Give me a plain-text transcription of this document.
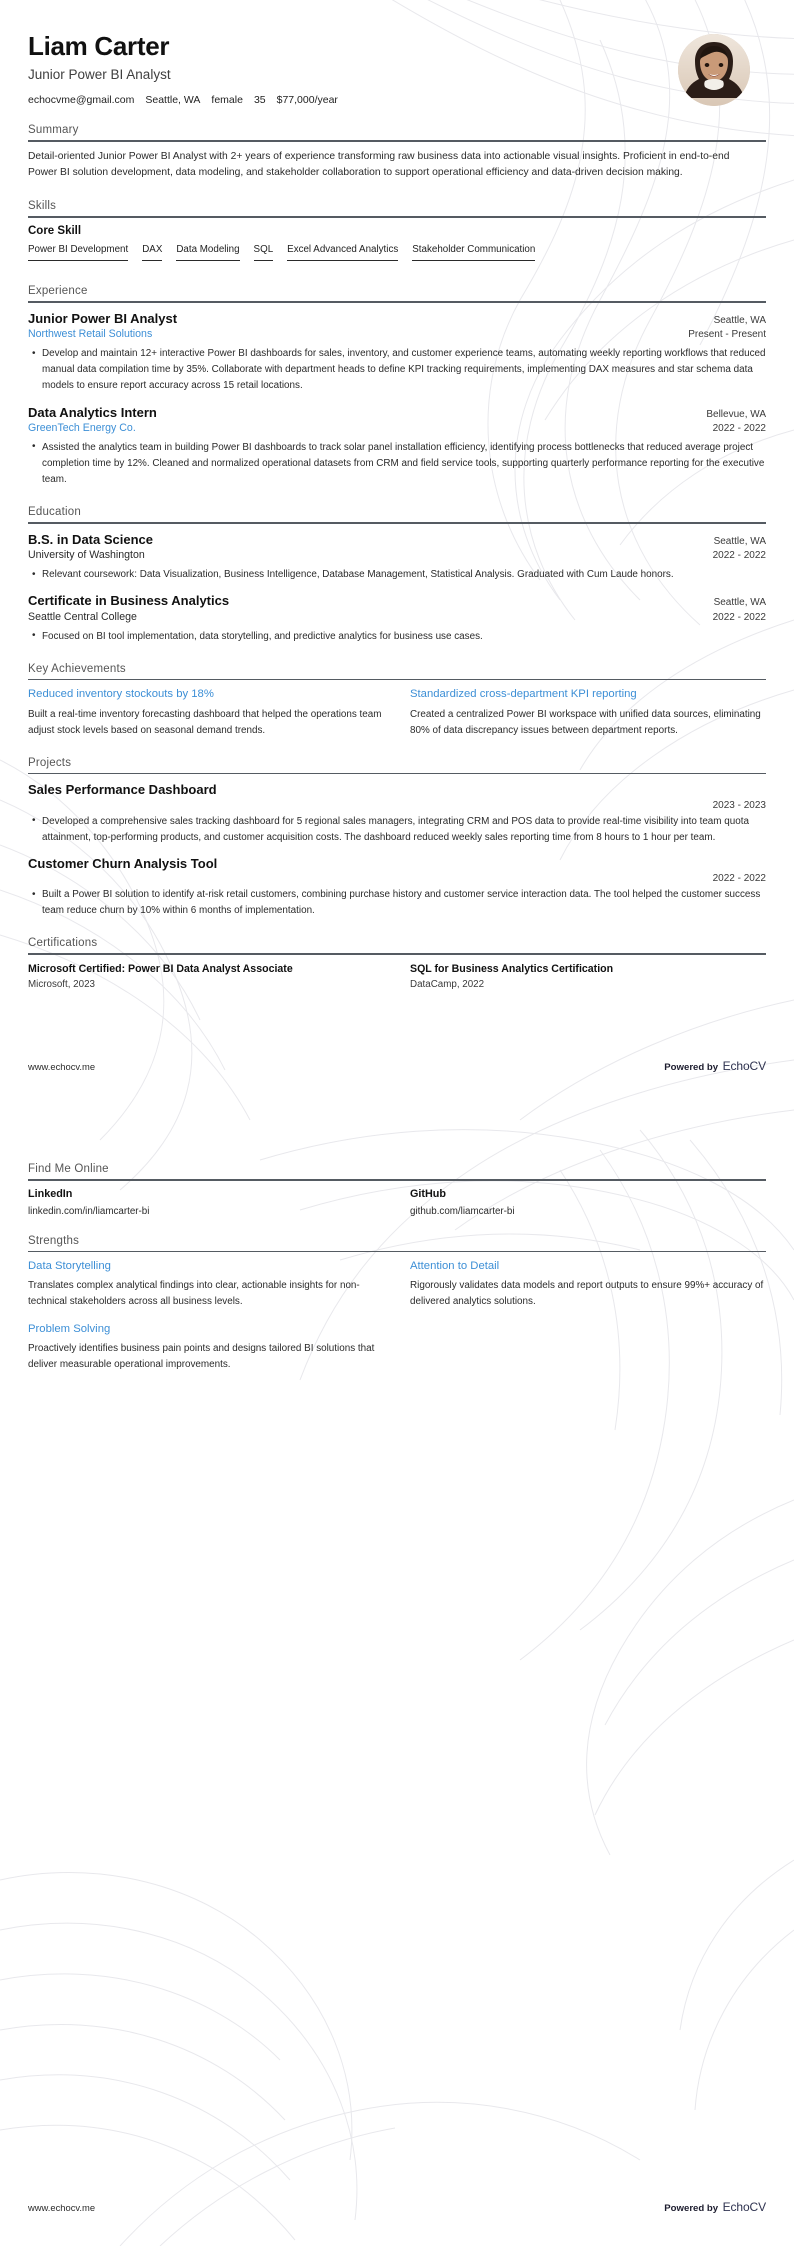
Liam Carter
Junior Power BI Analyst
echocvme@gmail.com Seattle, WA female 35 $77,000/year
Summary
Detail-oriented Junior Power BI Analyst with 2+ years of experience transforming raw business data into actionable visual insights. Proficient in end-to-end Power BI solution development, data modeling, and stakeholder collaboration to support operational efficiency and data-driven decision making.
Skills
Core Skill
Power BI Development DAX Data Modeling SQL Excel Advanced Analytics Stakeholder Communication
Experience
Junior Power BI Analyst	Seattle, WA
Northwest Retail Solutions	Present - Present
• Develop and maintain 12+ interactive Power BI dashboards for sales, inventory, and customer experience teams, automating weekly reporting workflows that reduced manual data compilation time by 35%. Collaborate with department heads to define KPI tracking requirements, implementing DAX measures and star schema data models to ensure report accuracy across 15 retail locations.
Data Analytics Intern	Bellevue, WA
GreenTech Energy Co.	2022 - 2022
• Assisted the analytics team in building Power BI dashboards to track solar panel installation efficiency, identifying process bottlenecks that reduced average project completion time by 12%. Cleaned and normalized operational datasets from CRM and field service tools, supporting quarterly performance reporting for the executive team.
Education
B.S. in Data Science	Seattle, WA
University of Washington	2022 - 2022
• Relevant coursework: Data Visualization, Business Intelligence, Database Management, Statistical Analysis. Graduated with Cum Laude honors.
Certificate in Business Analytics	Seattle, WA
Seattle Central College	2022 - 2022
• Focused on BI tool implementation, data storytelling, and predictive analytics for business use cases.
Key Achievements
Reduced inventory stockouts by 18%
Built a real-time inventory forecasting dashboard that helped the operations team adjust stock levels based on seasonal demand trends.
Standardized cross-department KPI reporting
Created a centralized Power BI workspace with unified data sources, eliminating 80% of data discrepancy issues between department reports.
Projects
Sales Performance Dashboard
2023 - 2023
• Developed a comprehensive sales tracking dashboard for 5 regional sales managers, integrating CRM and POS data to provide real-time visibility into team quota attainment, top-performing products, and customer acquisition costs. The dashboard reduced weekly sales reporting time from 8 hours to 1 hour per team.
Customer Churn Analysis Tool
2022 - 2022
• Built a Power BI solution to identify at-risk retail customers, combining purchase history and customer service interaction data. The tool helped the customer success team reduce churn by 10% within 6 months of implementation.
Certifications
Microsoft Certified: Power BI Data Analyst Associate
Microsoft, 2023
SQL for Business Analytics Certification
DataCamp, 2022
www.echocv.me	Powered by EchoCV
Find Me Online
LinkedIn
linkedin.com/in/liamcarter-bi
GitHub
github.com/liamcarter-bi
Strengths
Data Storytelling
Translates complex analytical findings into clear, actionable insights for non-technical stakeholders across all business levels.
Problem Solving
Proactively identifies business pain points and designs tailored BI solutions that deliver measurable operational improvements.
Attention to Detail
Rigorously validates data models and report outputs to ensure 99%+ accuracy of delivered analytics solutions.
www.echocv.me	Powered by EchoCV
